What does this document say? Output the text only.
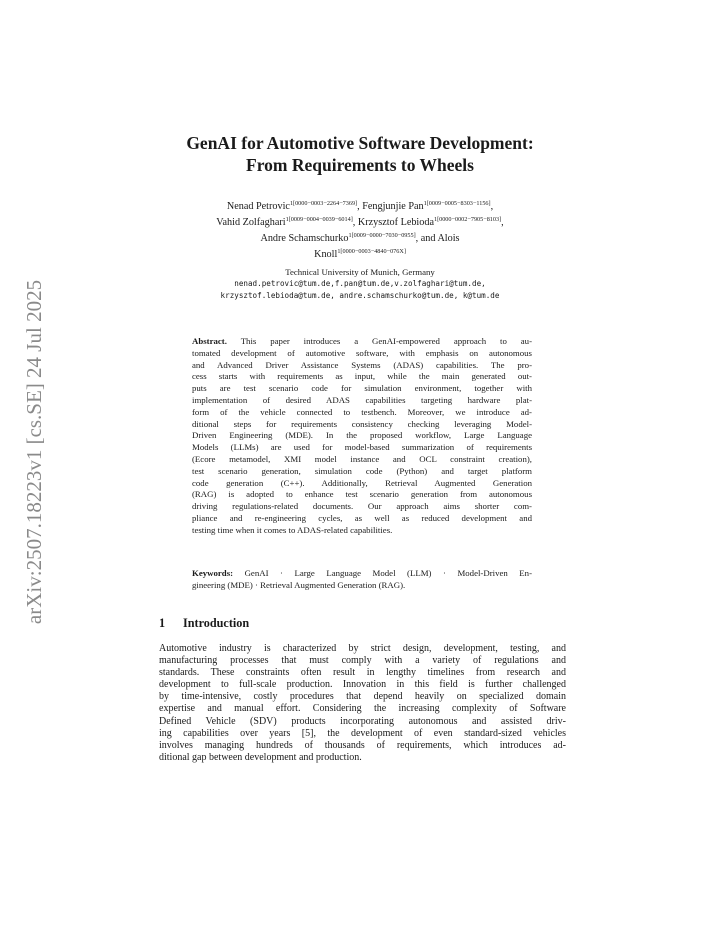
arXiv:2507.18223v1 [cs.SE] 24 Jul 2025
GenAI for Automotive Software Development:
From Requirements to Wheels
Nenad Petrovic$^{1[0000-0003-2264-7369]}$, Fengjunjie Pan$^{1[0009-0005-8303-1156]}$,
Vahid Zolfaghari$^{1[0009-0004-0039-6014]}$, Krzysztof Lebioda$^{1[0000-0002-7905-8103]}$,
Andre Schamschurko$^{1[0009-0000-7030-0955]}$, and Alois
Knoll$^{1[0000-0003-4840-076X]}$
Technical University of Munich, Germany
nenad.petrovic@tum.de,f.pan@tum.de,v.zolfaghari@tum.de,
krzysztof.lebioda@tum.de, andre.schamschurko@tum.de, k@tum.de
Abstract. This paper introduces a GenAI-empowered approach to au-
tomated development of automotive software, with emphasis on autonomous
and Advanced Driver Assistance Systems (ADAS) capabilities. The pro-
cess starts with requirements as input, while the main generated out-
puts are test scenario code for simulation environment, together with
implementation of desired ADAS capabilities targeting hardware plat-
form of the vehicle connected to testbench. Moreover, we introduce ad-
ditional steps for requirements consistency checking leveraging Model-
Driven Engineering (MDE). In the proposed workflow, Large Language
Models (LLMs) are used for model-based summarization of requirements
(Ecore metamodel, XMI model instance and OCL constraint creation),
test scenario generation, simulation code (Python) and target platform
code generation (C++). Additionally, Retrieval Augmented Generation
(RAG) is adopted to enhance test scenario generation from autonomous
driving regulations-related documents. Our approach aims shorter com-
pliance and re-engineering cycles, as well as reduced development and
testing time when it comes to ADAS-related capabilities.
Keywords: GenAI · Large Language Model (LLM) · Model-Driven En-
gineering (MDE) · Retrieval Augmented Generation (RAG).
1 Introduction
Automotive industry is characterized by strict design, development, testing, and
manufacturing processes that must comply with a variety of regulations and
standards. These constraints often result in lengthy timelines from research and
development to full-scale production. Innovation in this field is further challenged
by time-intensive, costly procedures that depend heavily on specialized domain
expertise and manual effort. Considering the increasing complexity of Software
Defined Vehicle (SDV) products incorporating autonomous and assisted driv-
ing capabilities over years [5], the development of even standard-sized vehicles
involves managing hundreds of thousands of requirements, which introduces ad-
ditional gap between development and production.
